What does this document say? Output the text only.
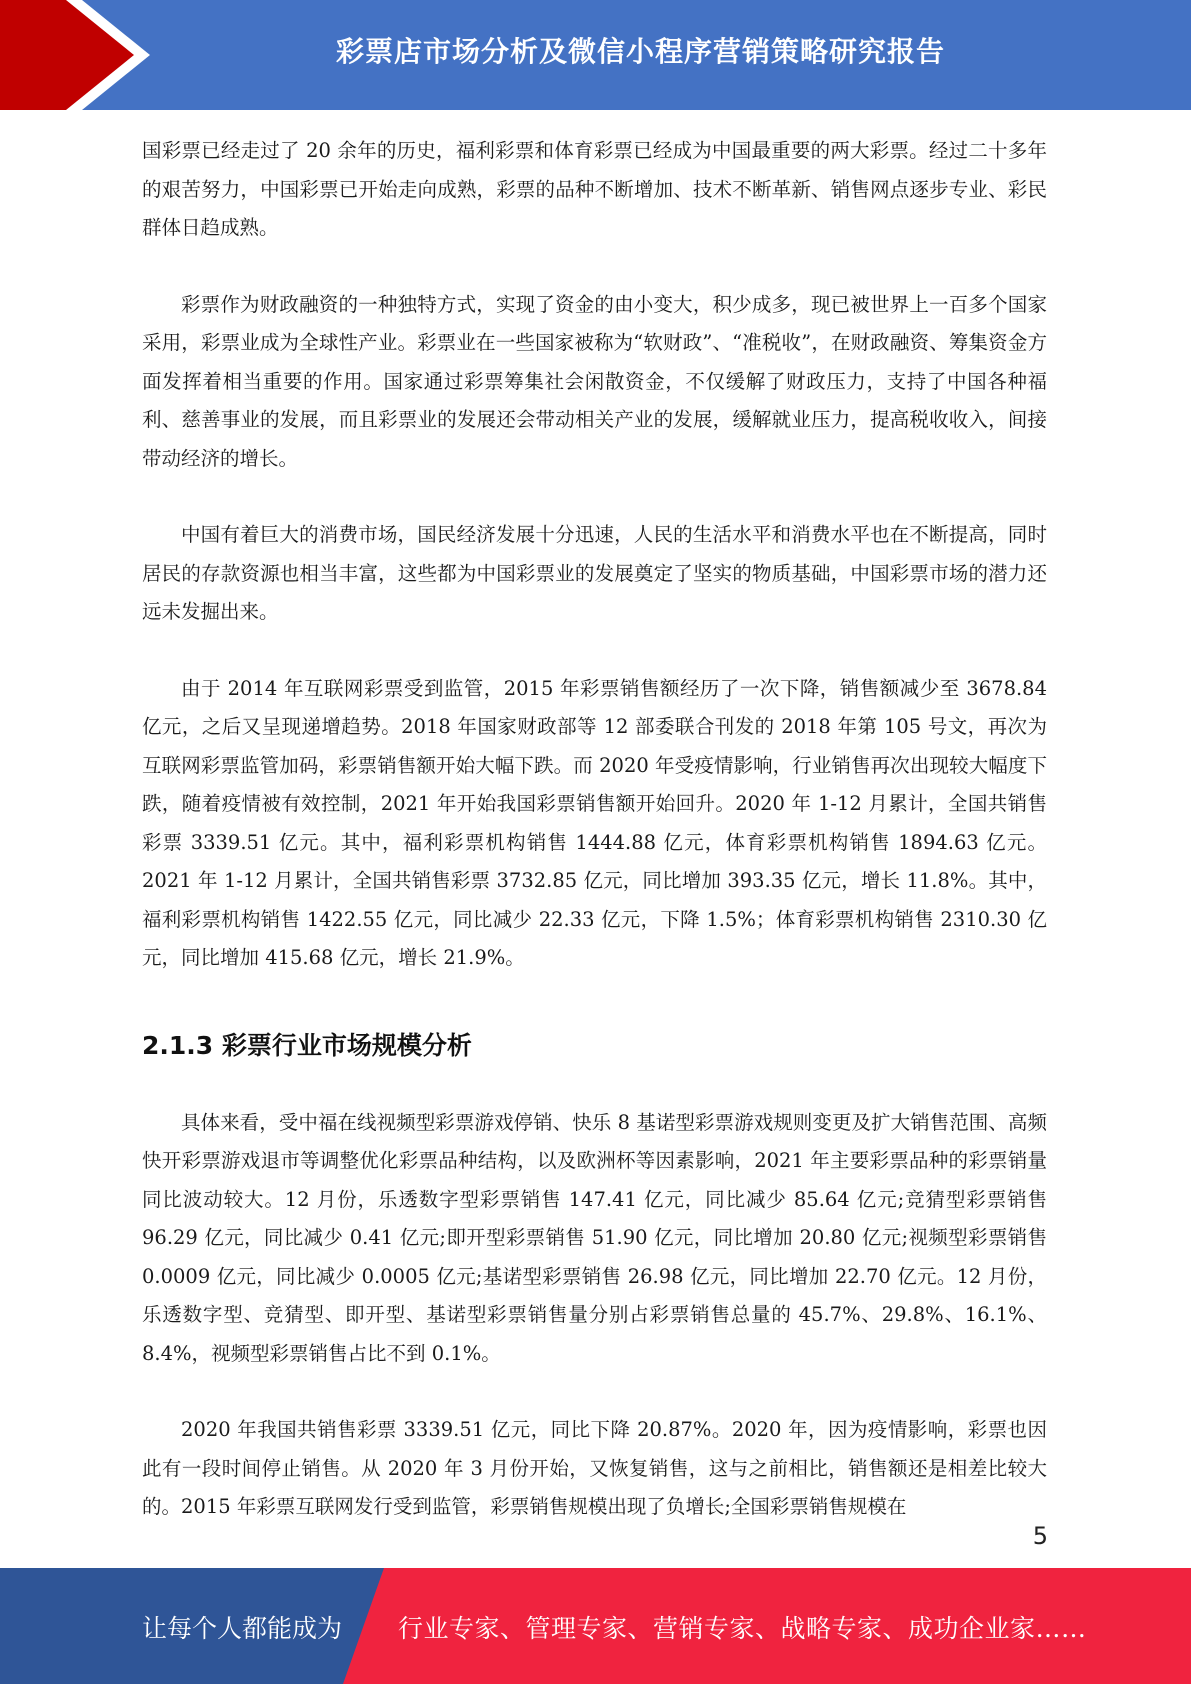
彩票店市场分析及微信小程序营销策略研究报告

国彩票已经走过了 20 余年的历史，福利彩票和体育彩票已经成为中国最重要的两大彩票。经过二十多年的艰苦努力，中国彩票已开始走向成熟，彩票的品种不断增加、技术不断革新、销售网点逐步专业、彩民群体日趋成熟。

彩票作为财政融资的一种独特方式，实现了资金的由小变大，积少成多，现已被世界上一百多个国家采用，彩票业成为全球性产业。彩票业在一些国家被称为“软财政”、“准税收”，在财政融资、筹集资金方面发挥着相当重要的作用。国家通过彩票筹集社会闲散资金，不仅缓解了财政压力，支持了中国各种福利、慈善事业的发展，而且彩票业的发展还会带动相关产业的发展，缓解就业压力，提高税收收入，间接带动经济的增长。

中国有着巨大的消费市场，国民经济发展十分迅速，人民的生活水平和消费水平也在不断提高，同时居民的存款资源也相当丰富，这些都为中国彩票业的发展奠定了坚实的物质基础，中国彩票市场的潜力还远未发掘出来。

由于 2014 年互联网彩票受到监管，2015 年彩票销售额经历了一次下降，销售额减少至 3678.84 亿元，之后又呈现递增趋势。2018 年国家财政部等 12 部委联合刊发的 2018 年第 105 号文，再次为互联网彩票监管加码，彩票销售额开始大幅下跌。而 2020 年受疫情影响，行业销售再次出现较大幅度下跌，随着疫情被有效控制，2021 年开始我国彩票销售额开始回升。2020 年 1-12 月累计，全国共销售彩票 3339.51 亿元。其中，福利彩票机构销售 1444.88 亿元，体育彩票机构销售 1894.63 亿元。2021 年 1-12 月累计，全国共销售彩票 3732.85 亿元，同比增加 393.35 亿元，增长 11.8%。其中，福利彩票机构销售 1422.55 亿元，同比减少 22.33 亿元，下降 1.5%；体育彩票机构销售 2310.30 亿元，同比增加 415.68 亿元，增长 21.9%。

2.1.3 彩票行业市场规模分析

具体来看，受中福在线视频型彩票游戏停销、快乐 8 基诺型彩票游戏规则变更及扩大销售范围、高频快开彩票游戏退市等调整优化彩票品种结构，以及欧洲杯等因素影响，2021 年主要彩票品种的彩票销量同比波动较大。12 月份，乐透数字型彩票销售 147.41 亿元，同比减少 85.64 亿元;竞猜型彩票销售 96.29 亿元，同比减少 0.41 亿元;即开型彩票销售 51.90 亿元，同比增加 20.80 亿元;视频型彩票销售 0.0009 亿元，同比减少 0.0005 亿元;基诺型彩票销售 26.98 亿元，同比增加 22.70 亿元。12 月份，乐透数字型、竞猜型、即开型、基诺型彩票销售量分别占彩票销售总量的 45.7%、29.8%、16.1%、8.4%，视频型彩票销售占比不到 0.1%。

2020 年我国共销售彩票 3339.51 亿元，同比下降 20.87%。2020 年，因为疫情影响，彩票也因此有一段时间停止销售。从 2020 年 3 月份开始，又恢复销售，这与之前相比，销售额还是相差比较大的。2015 年彩票互联网发行受到监管，彩票销售规模出现了负增长;全国彩票销售规模在

5
让每个人都能成为 行业专家、管理专家、营销专家、战略专家、成功企业家……
